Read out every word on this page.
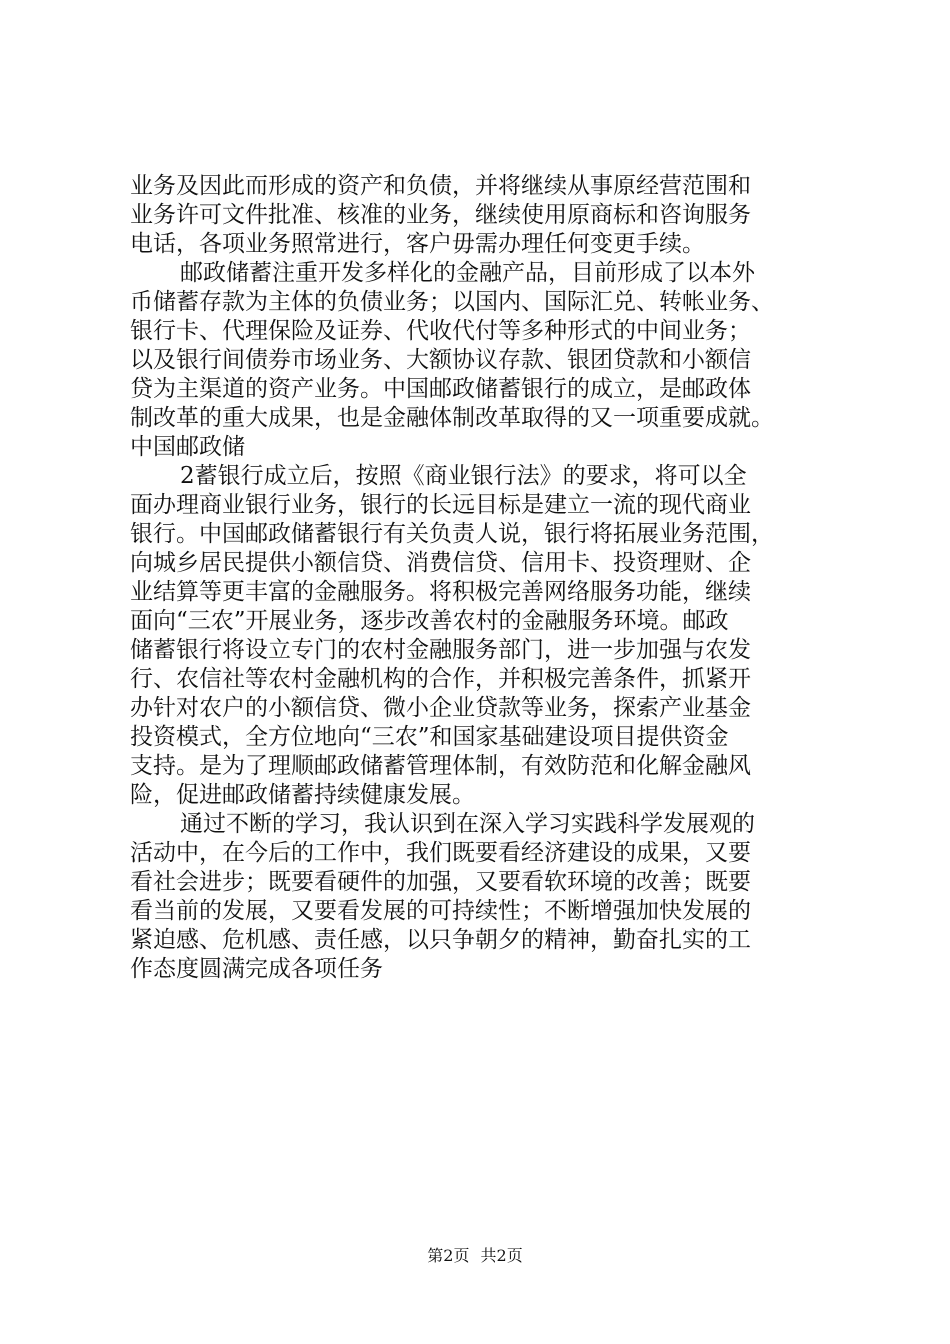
业务及因此而形成的资产和负债，并将继续从事原经营范围和
业务许可文件批准、核准的业务，继续使用原商标和咨询服务
电话，各项业务照常进行，客户毋需办理任何变更手续。
邮政储蓄注重开发多样化的金融产品，目前形成了以本外
币储蓄存款为主体的负债业务；以国内、国际汇兑、转帐业务、
银行卡、代理保险及证券、代收代付等多种形式的中间业务；
以及银行间债券市场业务、大额协议存款、银团贷款和小额信
贷为主渠道的资产业务。中国邮政储蓄银行的成立，是邮政体
制改革的重大成果，也是金融体制改革取得的又一项重要成就。
中国邮政储
2蓄银行成立后，按照《商业银行法》的要求，将可以全
面办理商业银行业务，银行的长远目标是建立一流的现代商业
银行。中国邮政储蓄银行有关负责人说，银行将拓展业务范围，
向城乡居民提供小额信贷、消费信贷、信用卡、投资理财、企
业结算等更丰富的金融服务。将积极完善网络服务功能，继续
面向“三农”开展业务，逐步改善农村的金融服务环境。邮政
储蓄银行将设立专门的农村金融服务部门，进一步加强与农发
行、农信社等农村金融机构的合作，并积极完善条件，抓紧开
办针对农户的小额信贷、微小企业贷款等业务，探索产业基金
投资模式，全方位地向“三农”和国家基础建设项目提供资金
支持。是为了理顺邮政储蓄管理体制，有效防范和化解金融风
险，促进邮政储蓄持续健康发展。
通过不断的学习，我认识到在深入学习实践科学发展观的
活动中，在今后的工作中，我们既要看经济建设的成果，又要
看社会进步；既要看硬件的加强，又要看软环境的改善；既要
看当前的发展，又要看发展的可持续性；不断增强加快发展的
紧迫感、危机感、责任感，以只争朝夕的精神，勤奋扎实的工
作态度圆满完成各项任务
第2页 共2页
